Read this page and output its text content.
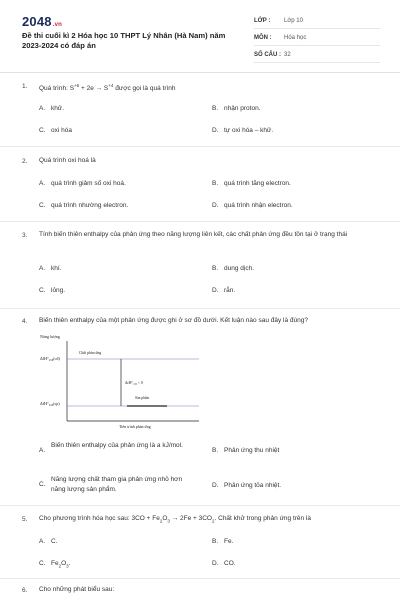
2048.vn
Đề thi cuối kì 2 Hóa học 10 THPT Lý Nhân (Hà Nam) năm 2023-2024 có đáp án
LỚP :	Lớp 10
MÔN :	Hóa học
SỐ CÂU : 32
1. Quá trình: $S^{+6} + 2e \to S^{+4}$ được gọi là quá trình
A. khử.	B. nhận proton.
C. oxi hóa	D. tự oxi hóa – khử.
2. Quá trình oxi hoá là
A. quá trình giảm số oxi hoá.	B. quá trình tăng electron.
C. quá trình nhường electron.	D. quá trình nhận electron.
3. Tính biến thiên enthalpy của phản ứng theo năng lượng liên kết, các chất phản ứng đều tồn tại ở trạng thái
A. khí.	B. dung dịch.
C. lỏng.	D. rắn.
4. Biến thiên enthalpy của một phản ứng được ghi ở sơ đồ dưới. Kết luận nào sau đây là đúng?
Năng lượng
ΔfH°₂₉₈(cđ)
Chất phản ứng
ΔrH°₂₉₈ < 0
Sản phẩm
ΔfH°₂₉₈(sp)
Tiến trình phản ứng
A.Biến thiên enthalpy của phản ứng là a kJ/mol.
B. Phản ứng thu nhiệt
C.Năng lượng chất tham gia phản ứng nhỏ hơn năng lượng sản phẩm.
D. Phản ứng tỏa nhiệt.
5. Cho phương trình hóa học sau: $3CO + Fe_2O_3 \to 2Fe + 3CO_2$. Chất khử trong phản ứng trên là
A. C.	B. Fe.
C. $Fe_2O_3$.	D. CO.
6. Cho những phát biểu sau:
